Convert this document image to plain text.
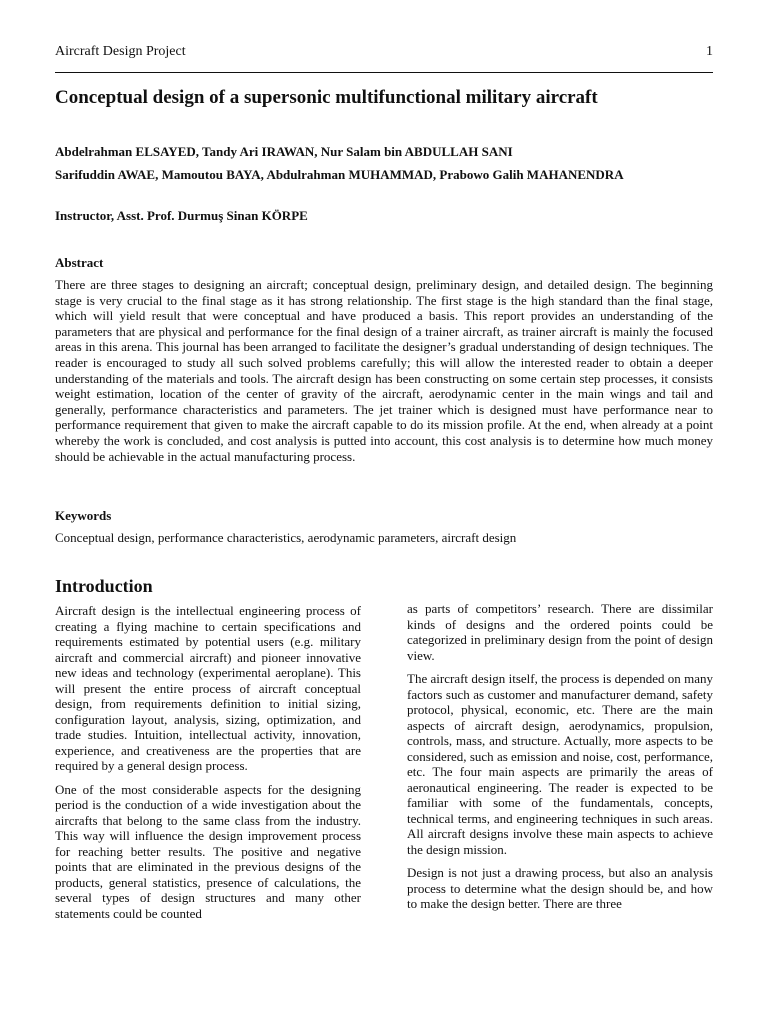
Aircraft Design Project	1
Conceptual design of a supersonic multifunctional military aircraft
Abdelrahman ELSAYED, Tandy Ari IRAWAN, Nur Salam bin ABDULLAH SANI
Sarifuddin AWAE, Mamoutou BAYA, Abdulrahman MUHAMMAD, Prabowo Galih MAHANENDRA
Instructor, Asst. Prof. Durmuş Sinan KÖRPE
Abstract

There are three stages to designing an aircraft; conceptual design, preliminary design, and detailed design. The beginning stage is very crucial to the final stage as it has strong relationship. The first stage is the high standard than the final stage, which will yield result that were conceptual and have produced a basis. This report provides an understanding of the parameters that are physical and performance for the final design of a trainer aircraft, as trainer aircraft is mainly the focused areas in this arena. This journal has been arranged to facilitate the designer’s gradual understanding of design techniques. The reader is encouraged to study all such solved problems carefully; this will allow the interested reader to obtain a deeper understanding of the materials and tools. The aircraft design has been constructing on some certain step processes, it consists weight estimation, location of the center of gravity of the aircraft, aerodynamic center in the main wings and tail and generally, performance characteristics and parameters. The jet trainer which is designed must have performance near to performance requirement that given to make the aircraft capable to do its mission profile. At the end, when already at a point whereby the work is concluded, and cost analysis is putted into account, this cost analysis is to determine how much money should be achievable in the actual manufacturing process.

Keywords

Conceptual design, performance characteristics, aerodynamic parameters, aircraft design

Introduction

Aircraft design is the intellectual engineering process of creating a flying machine to certain specifications and requirements estimated by potential users (e.g. military aircraft and commercial aircraft) and pioneer innovative new ideas and technology (experimental aeroplane). This will present the entire process of aircraft conceptual design, from requirements definition to initial sizing, configuration layout, analysis, sizing, optimization, and trade studies. Intuition, intellectual activity, innovation, experience, and creativeness are the properties that are required by a general design process.

One of the most considerable aspects for the designing period is the conduction of a wide investigation about the aircrafts that belong to the same class from the industry. This way will influence the design improvement process for reaching better results. The positive and negative points that are eliminated in the previous designs of the products, general statistics, presence of calculations, the several types of design structures and many other statements could be counted

as parts of competitors’ research. There are dissimilar kinds of designs and the ordered points could be categorized in preliminary design from the point of design view.

The aircraft design itself, the process is depended on many factors such as customer and manufacturer demand, safety protocol, physical, economic, etc. There are the main aspects of aircraft design, aerodynamics, propulsion, controls, mass, and structure. Actually, more aspects to be considered, such as emission and noise, cost, performance, etc. The four main aspects are primarily the areas of aeronautical engineering. The reader is expected to be familiar with some of the fundamentals, concepts, technical terms, and engineering techniques in such areas. All aircraft designs involve these main aspects to achieve the design mission.

Design is not just a drawing process, but also an analysis process to determine what the design should be, and how to make the design better. There are three
